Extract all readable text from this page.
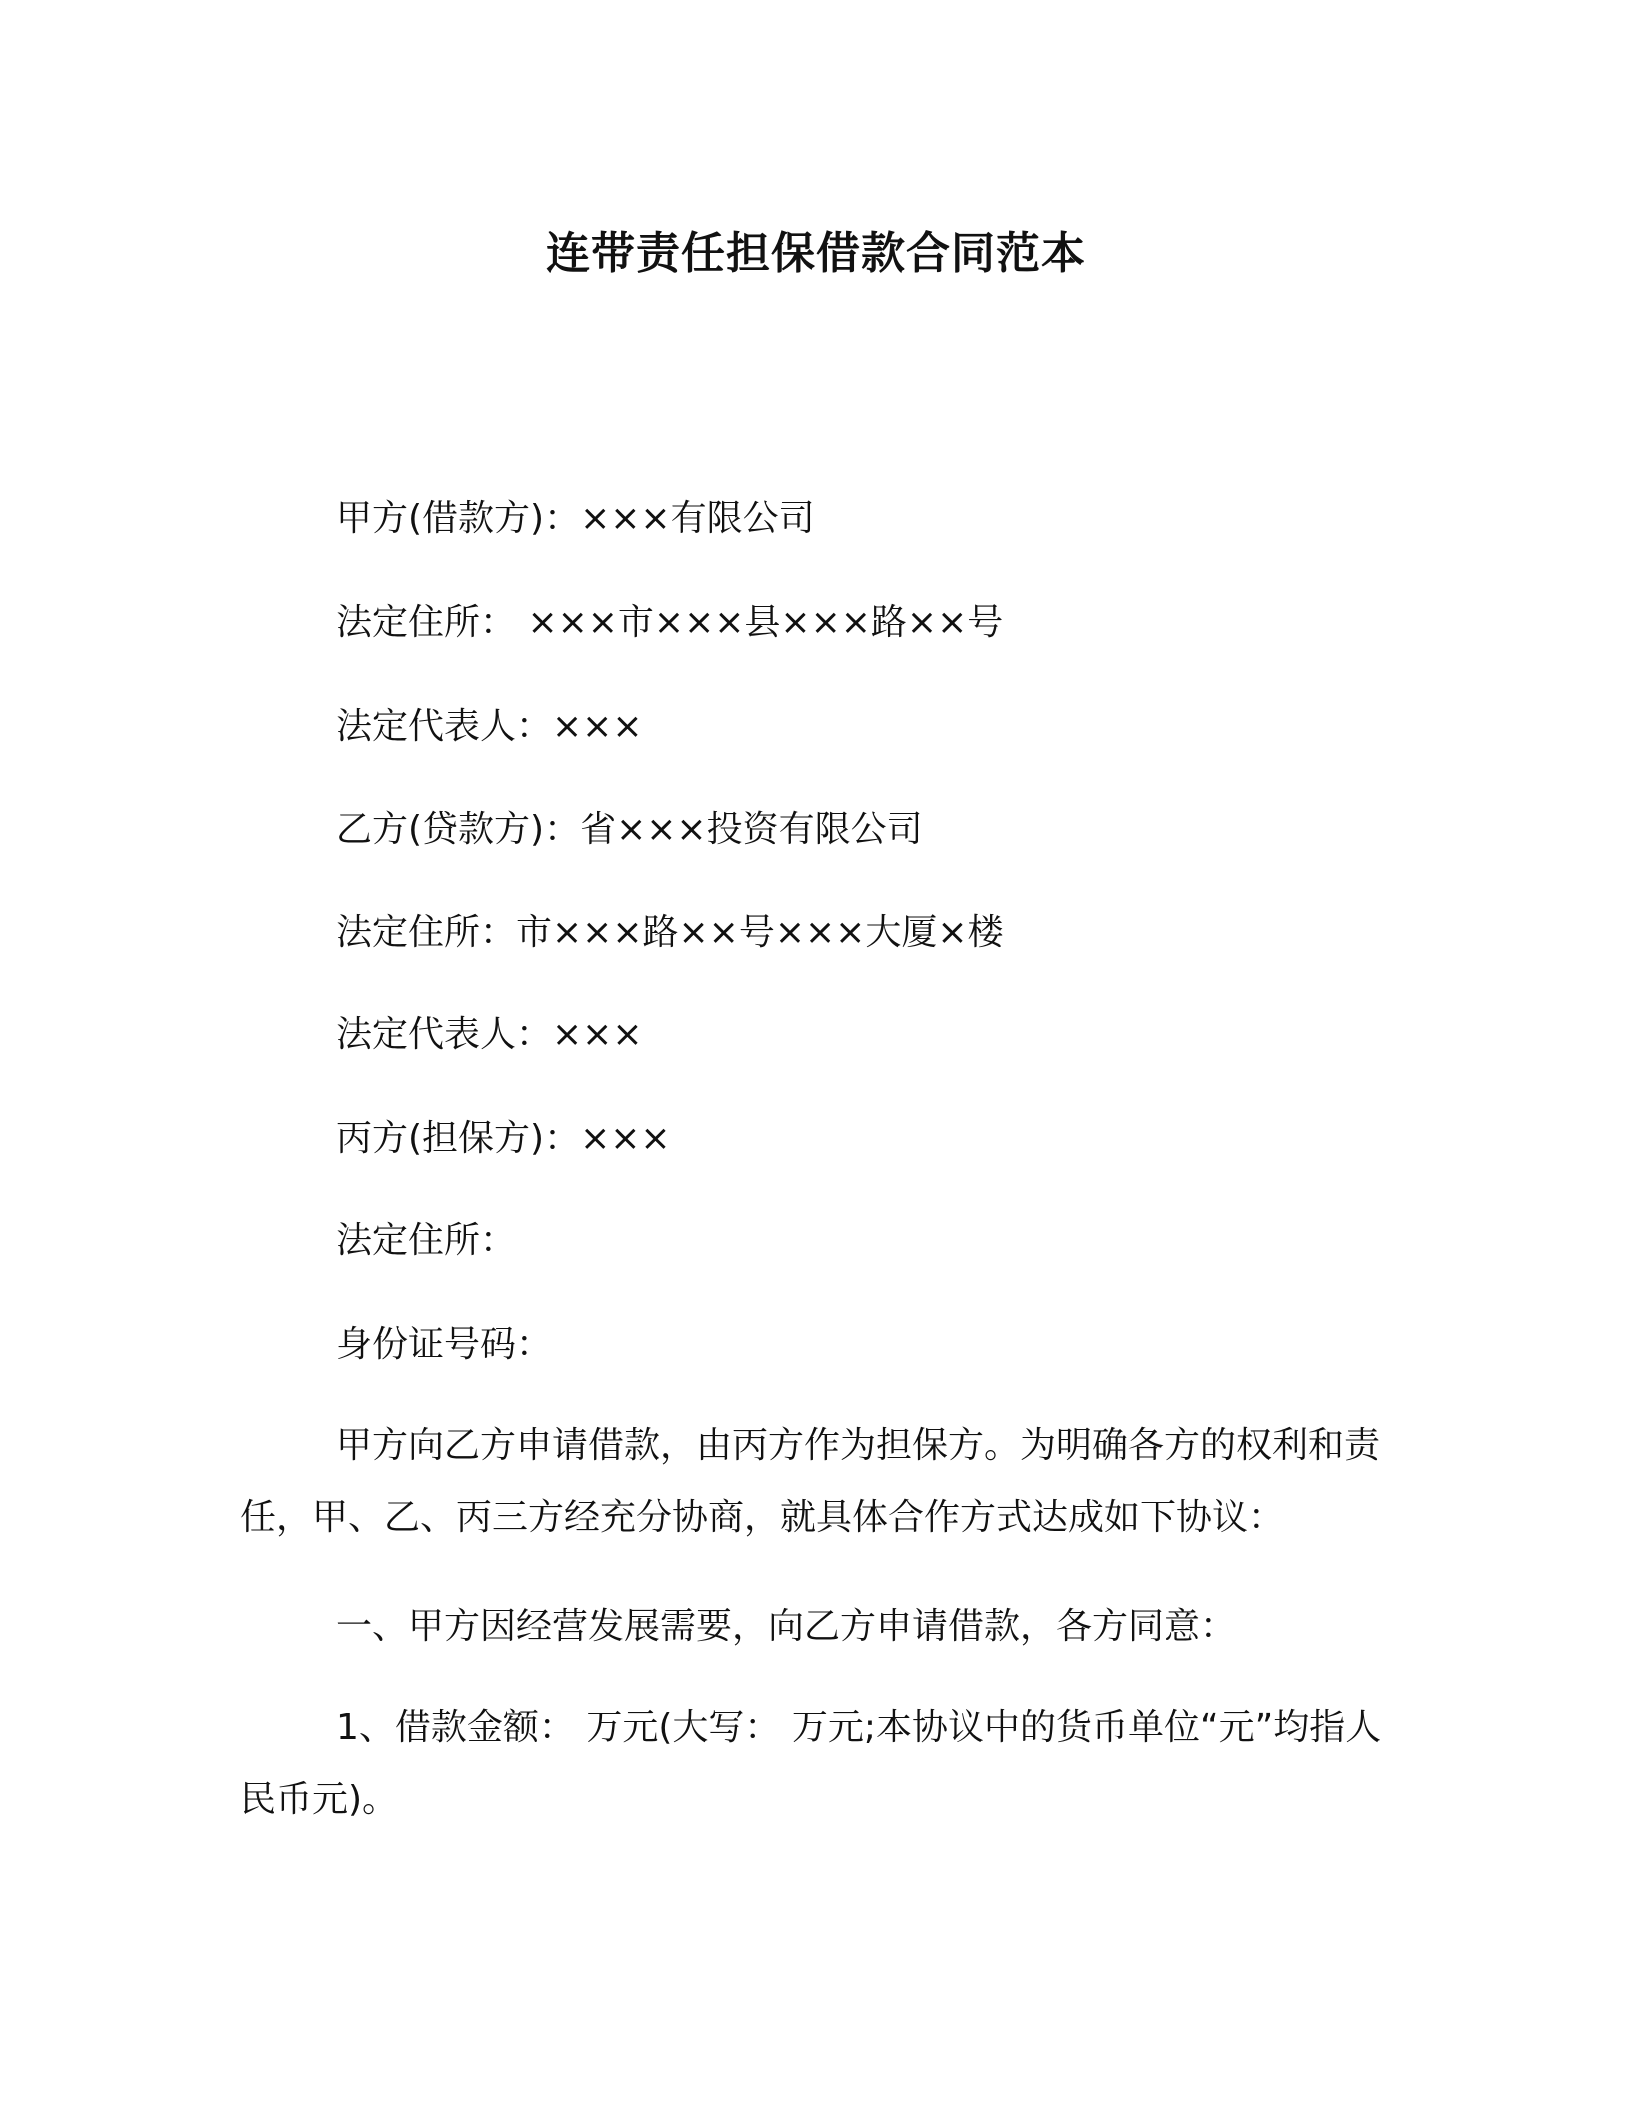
连带责任担保借款合同范本

甲方(借款方)：×××有限公司

法定住所： ×××市×××县×××路××号

法定代表人：×××

乙方(贷款方)：省×××投资有限公司

法定住所：市×××路××号×××大厦×楼

法定代表人：×××

丙方(担保方)：×××

法定住所：

身份证号码：

甲方向乙方申请借款，由丙方作为担保方。为明确各方的权利和责任，甲、乙、丙三方经充分协商，就具体合作方式达成如下协议：

一、甲方因经营发展需要，向乙方申请借款，各方同意：

1、借款金额： 万元(大写： 万元;本协议中的货币单位“元”均指人民币元)。
